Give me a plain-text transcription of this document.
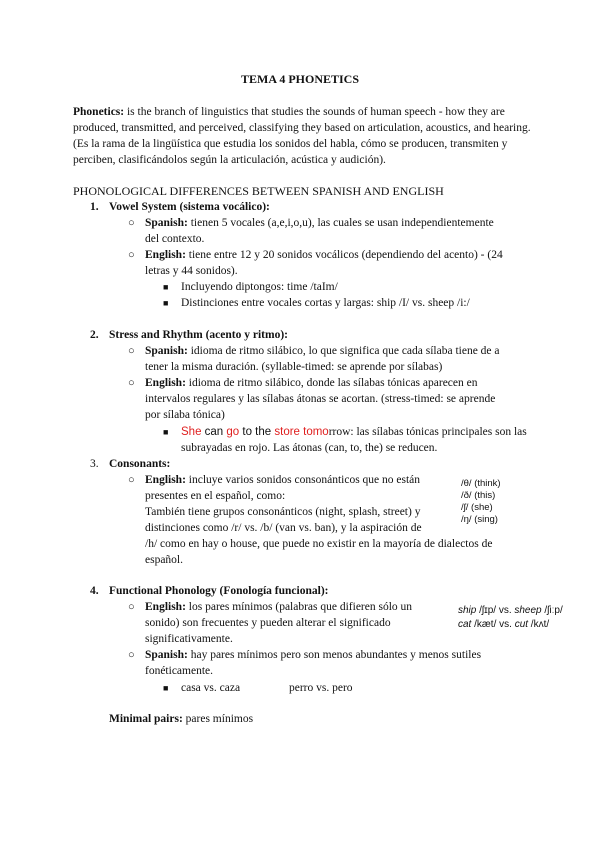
TEMA 4 PHONETICS
Phonetics: is the branch of linguistics that studies the sounds of human speech - how they are produced, transmitted, and perceived, classifying they based on articulation, acoustics, and hearing. (Es la rama de la lingüística que estudia los sonidos del habla, cómo se producen, transmiten y perciben, clasificándolos según la articulación, acústica y audición).
PHONOLOGICAL DIFFERENCES BETWEEN SPANISH AND ENGLISH
1. Vowel System (sistema vocálico):
○ Spanish: tienen 5 vocales (a,e,i,o,u), las cuales se usan independientemente
del contexto.
○ English: tiene entre 12 y 20 sonidos vocálicos (dependiendo del acento) - (24
letras y 44 sonidos).
■ Incluyendo diptongos: time /taIm/
■ Distinciones entre vocales cortas y largas: ship /I/ vs. sheep /i:/
2. Stress and Rhythm (acento y ritmo):
○ Spanish: idioma de ritmo silábico, lo que significa que cada sílaba tiene de a
tener la misma duración. (syllable-timed: se aprende por sílabas)
○ English: idioma de ritmo silábico, donde las sílabas tónicas aparecen en
intervalos regulares y las sílabas átonas se acortan. (stress-timed: se aprende
por sílaba tónica)
■ She can go to the store tomorrow: las sílabas tónicas principales son las
subrayadas en rojo. Las átonas (can, to, the) se reducen.
3. Consonants:
○ English: incluye varios sonidos consonánticos que no están
presentes en el español, como:
También tiene grupos consonánticos (night, splash, street) y
distinciones como /r/ vs. /b/ (van vs. ban), y la aspiración de
/h/ como en hay o house, que puede no existir en la mayoría de dialectos de
español.
/θ/ (think)
/ð/ (this)
/ʃ/ (she)
/ŋ/ (sing)
4. Functional Phonology (Fonología funcional):
○ English: los pares mínimos (palabras que difieren sólo un
sonido) son frecuentes y pueden alterar el significado
significativamente.
ship /ʃɪp/ vs. sheep /ʃiːp/
cat /kæt/ vs. cut /kʌt/
○ Spanish: hay pares mínimos pero son menos abundantes y menos sutiles
fonéticamente.
■ casa vs. caza	perro vs. pero
Minimal pairs: pares mínimos
